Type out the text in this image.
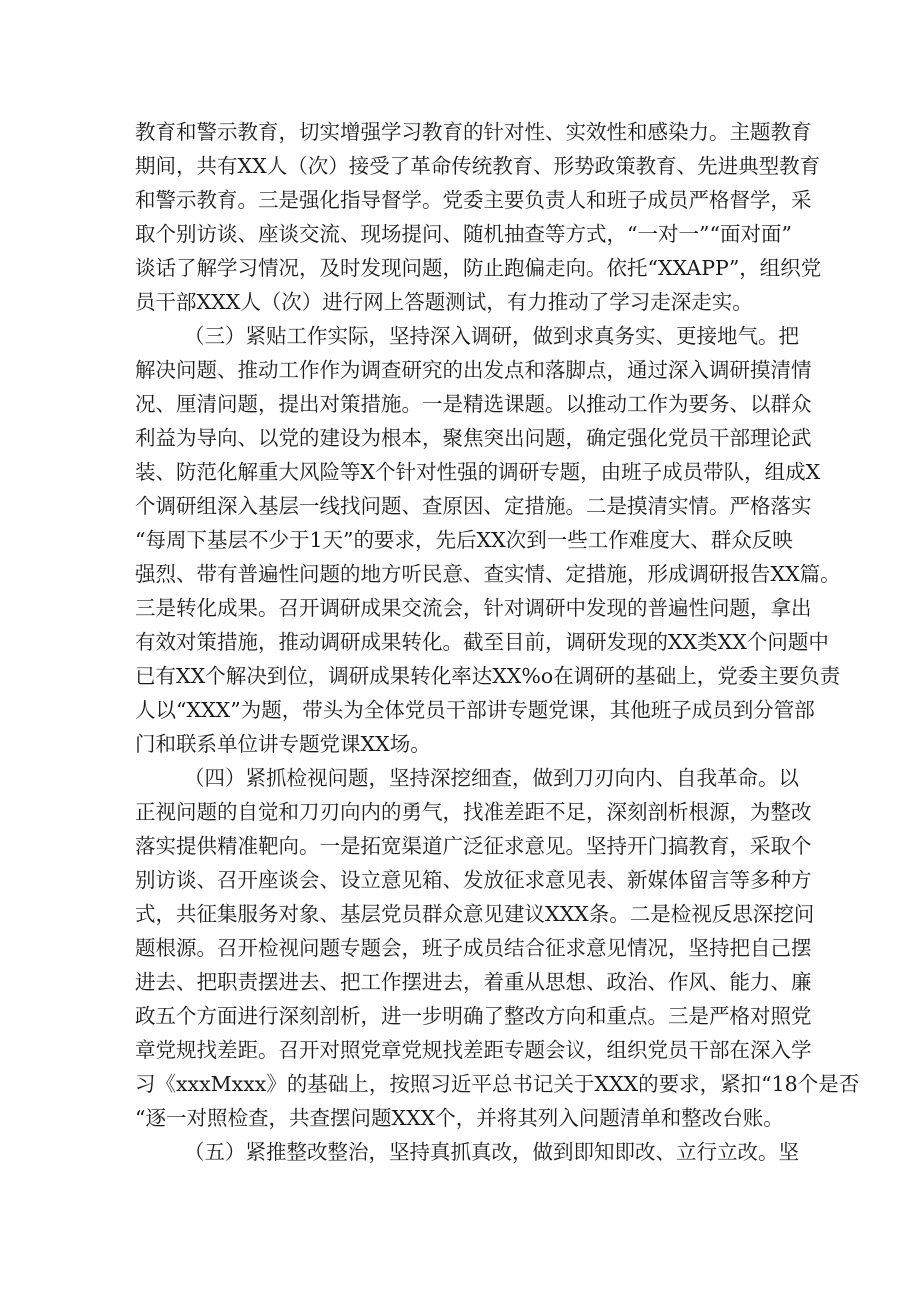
教育和警示教育，切实增强学习教育的针对性、实效性和感染力。主题教育
期间，共有XX人（次）接受了革命传统教育、形势政策教育、先进典型教育
和警示教育。三是强化指导督学。党委主要负责人和班子成员严格督学，采
取个别访谈、座谈交流、现场提问、随机抽查等方式，“一对一”“面对面”
谈话了解学习情况，及时发现问题，防止跑偏走向。依托“XXAPP”，组织党
员干部XXX人（次）进行网上答题测试，有力推动了学习走深走实。
（三）紧贴工作实际，坚持深入调研，做到求真务实、更接地气。把
解决问题、推动工作作为调查研究的出发点和落脚点，通过深入调研摸清情
况、厘清问题，提出对策措施。一是精选课题。以推动工作为要务、以群众
利益为导向、以党的建设为根本，聚焦突出问题，确定强化党员干部理论武
装、防范化解重大风险等X个针对性强的调研专题，由班子成员带队，组成X
个调研组深入基层一线找问题、查原因、定措施。二是摸清实情。严格落实
“每周下基层不少于1天”的要求，先后XX次到一些工作难度大、群众反映
强烈、带有普遍性问题的地方听民意、查实情、定措施，形成调研报告XX篇。
三是转化成果。召开调研成果交流会，针对调研中发现的普遍性问题，拿出
有效对策措施，推动调研成果转化。截至目前，调研发现的XX类XX个问题中
已有XX个解决到位，调研成果转化率达XX%o在调研的基础上，党委主要负责
人以“XXX”为题，带头为全体党员干部讲专题党课，其他班子成员到分管部
门和联系单位讲专题党课XX场。
（四）紧抓检视问题，坚持深挖细查，做到刀刃向内、自我革命。以
正视问题的自觉和刀刃向内的勇气，找准差距不足，深刻剖析根源，为整改
落实提供精准靶向。一是拓宽渠道广泛征求意见。坚持开门搞教育，采取个
别访谈、召开座谈会、设立意见箱、发放征求意见表、新媒体留言等多种方
式，共征集服务对象、基层党员群众意见建议XXX条。二是检视反思深挖问
题根源。召开检视问题专题会，班子成员结合征求意见情况，坚持把自己摆
进去、把职责摆进去、把工作摆进去，着重从思想、政治、作风、能力、廉
政五个方面进行深刻剖析，进一步明确了整改方向和重点。三是严格对照党
章党规找差距。召开对照党章党规找差距专题会议，组织党员干部在深入学
习《xxxMxxx》的基础上，按照习近平总书记关于XXX的要求，紧扣“18个是否
“逐一对照检查，共查摆问题XXX个，并将其列入问题清单和整改台账。
（五）紧推整改整治，坚持真抓真改，做到即知即改、立行立改。坚
